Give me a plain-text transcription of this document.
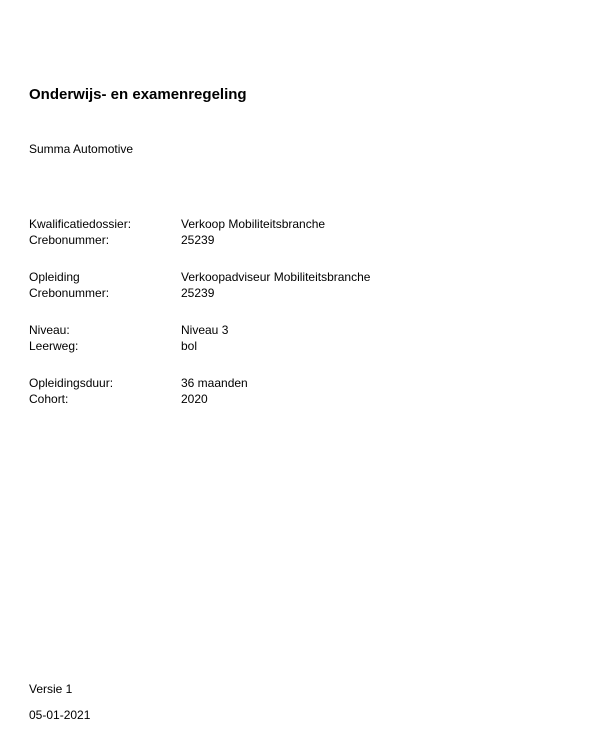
Onderwijs- en examenregeling
Summa Automotive
Kwalificatiedossier:	Verkoop Mobiliteitsbranche
Crebonummer:	25239
Opleiding	Verkoopadviseur Mobiliteitsbranche
Crebonummer:	25239
Niveau:	Niveau 3
Leerweg:	bol
Opleidingsduur:	36 maanden
Cohort:	2020
Versie 1
05-01-2021
